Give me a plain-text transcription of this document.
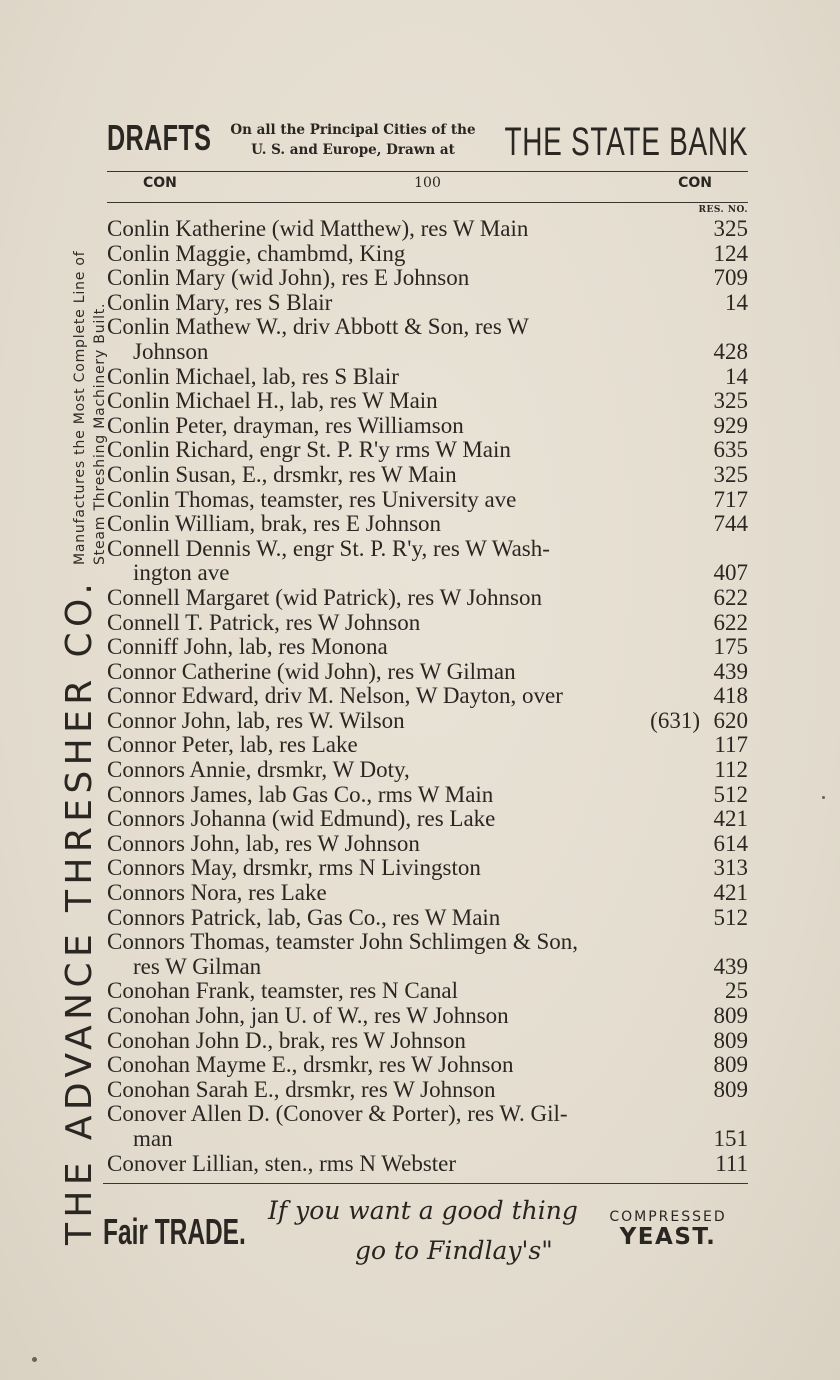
Manufactures the Most Complete Line of Steam Threshing Machinery Built.
THE ADVANCE THRESHER CO.
DRAFTS	On all the Principal Cities of the
U. S. and Europe, Drawn at	THE STATE BANK
CON	100	CON
RES. NO.
Conlin Katherine (wid Matthew), res W Main	325
Conlin Maggie, chambmd, King	124
Conlin Mary (wid John), res E Johnson	709
Conlin Mary, res S Blair	14
Conlin Mathew W., driv Abbott & Son, res W
Johnson	428
Conlin Michael, lab, res S Blair	14
Conlin Michael H., lab, res W Main	325
Conlin Peter, drayman, res Williamson	929
Conlin Richard, engr St. P. R'y rms W Main	635
Conlin Susan, E., drsmkr, res W Main	325
Conlin Thomas, teamster, res University ave	717
Conlin William, brak, res E Johnson	744
Connell Dennis W., engr St. P. R'y, res W Wash-
ington ave	407
Connell Margaret (wid Patrick), res W Johnson	622
Connell T. Patrick, res W Johnson	622
Conniff John, lab, res Monona	175
Connor Catherine (wid John), res W Gilman	439
Connor Edward, driv M. Nelson, W Dayton, over	418
Connor John, lab, res W. Wilson	(631) 620
Connor Peter, lab, res Lake	117
Connors Annie, drsmkr, W Doty,	112
Connors James, lab Gas Co., rms W Main	512
Connors Johanna (wid Edmund), res Lake	421
Connors John, lab, res W Johnson	614
Connors May, drsmkr, rms N Livingston	313
Connors Nora, res Lake	421
Connors Patrick, lab, Gas Co., res W Main	512
Connors Thomas, teamster John Schlimgen & Son,
res W Gilman	439
Conohan Frank, teamster, res N Canal	25
Conohan John, jan U. of W., res W Johnson	809
Conohan John D., brak, res W Johnson	809
Conohan Mayme E., drsmkr, res W Johnson	809
Conohan Sarah E., drsmkr, res W Johnson	809
Conover Allen D. (Conover & Porter), res W. Gil-
man	151
Conover Lillian, sten., rms N Webster	111
Fair TRADE.
If you want a good thing
go to Findlay's"
COMPRESSED
YEAST.
